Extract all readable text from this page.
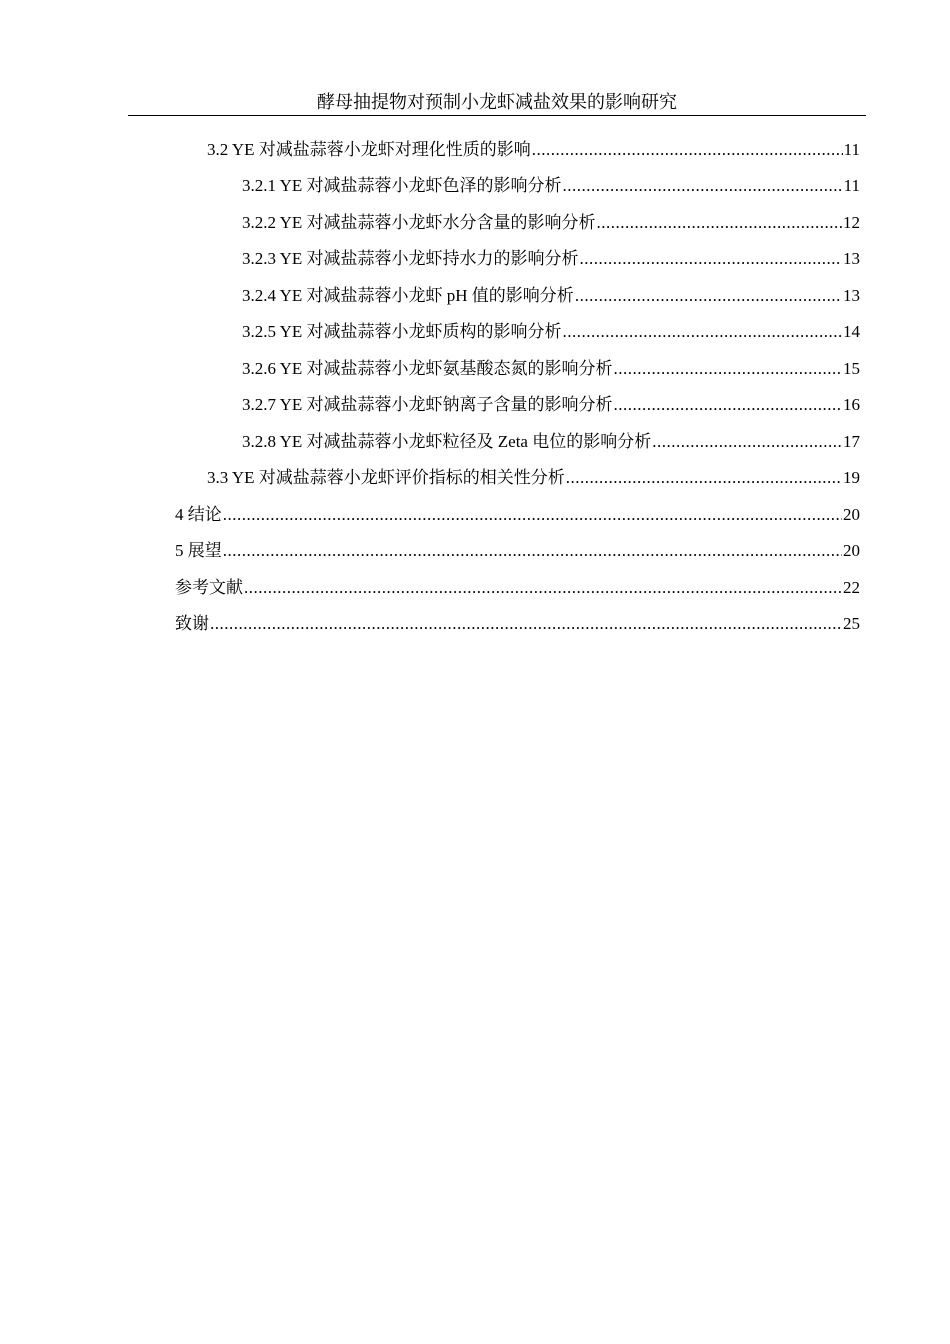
酵母抽提物对预制小龙虾减盐效果的影响研究
3.2 YE 对减盐蒜蓉小龙虾对理化性质的影响 .....	11
3.2.1 YE 对减盐蒜蓉小龙虾色泽的影响分析 .....	11
3.2.2 YE 对减盐蒜蓉小龙虾水分含量的影响分析 .....	12
3.2.3 YE 对减盐蒜蓉小龙虾持水力的影响分析 .....	13
3.2.4 YE 对减盐蒜蓉小龙虾 pH 值的影响分析 .....	13
3.2.5 YE 对减盐蒜蓉小龙虾质构的影响分析 .....	14
3.2.6 YE 对减盐蒜蓉小龙虾氨基酸态氮的影响分析 .....	15
3.2.7 YE 对减盐蒜蓉小龙虾钠离子含量的影响分析 .....	16
3.2.8 YE 对减盐蒜蓉小龙虾粒径及 Zeta 电位的影响分析 .....	17
3.3 YE 对减盐蒜蓉小龙虾评价指标的相关性分析 .....	19
4 结论 .....	20
5 展望 .....	20
参考文献 .....	22
致谢 .....	25
